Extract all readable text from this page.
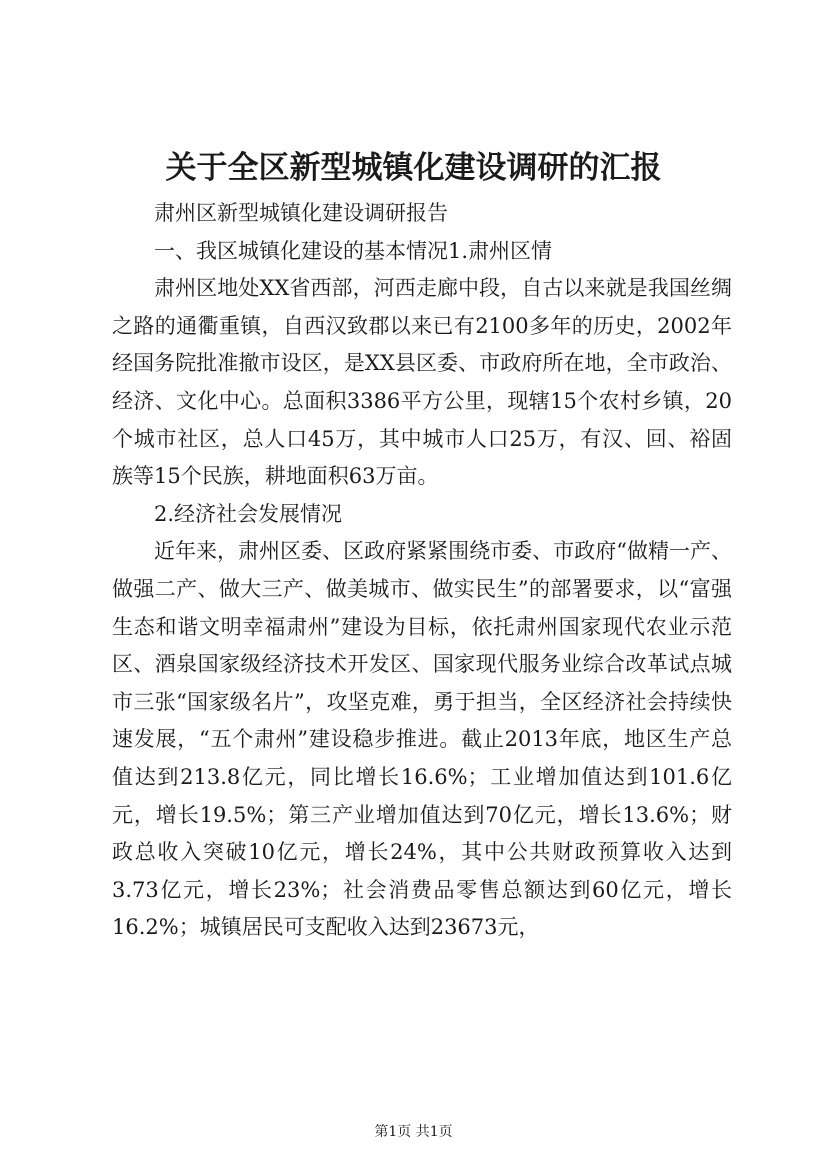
关于全区新型城镇化建设调研的汇报

肃州区新型城镇化建设调研报告

一、我区城镇化建设的基本情况1.肃州区情

肃州区地处XX省西部，河西走廊中段，自古以来就是我国丝绸之路的通衢重镇，自西汉致郡以来已有2100多年的历史，2002年经国务院批准撤市设区，是XX县区委、市政府所在地，全市政治、经济、文化中心。总面积3386平方公里，现辖15个农村乡镇，20个城市社区，总人口45万，其中城市人口25万，有汉、回、裕固族等15个民族，耕地面积63万亩。

2.经济社会发展情况

近年来，肃州区委、区政府紧紧围绕市委、市政府“做精一产、做强二产、做大三产、做美城市、做实民生”的部署要求，以“富强生态和谐文明幸福肃州”建设为目标，依托肃州国家现代农业示范区、酒泉国家级经济技术开发区、国家现代服务业综合改革试点城市三张“国家级名片”，攻坚克难，勇于担当，全区经济社会持续快速发展，“五个肃州”建设稳步推进。截止2013年底，地区生产总值达到213.8亿元，同比增长16.6%；工业增加值达到101.6亿元，增长19.5%；第三产业增加值达到70亿元，增长13.6%；财政总收入突破10亿元，增长24%，其中公共财政预算收入达到3.73亿元，增长23%；社会消费品零售总额达到60亿元，增长16.2%；城镇居民可支配收入达到23673元，

第1页 共1页
